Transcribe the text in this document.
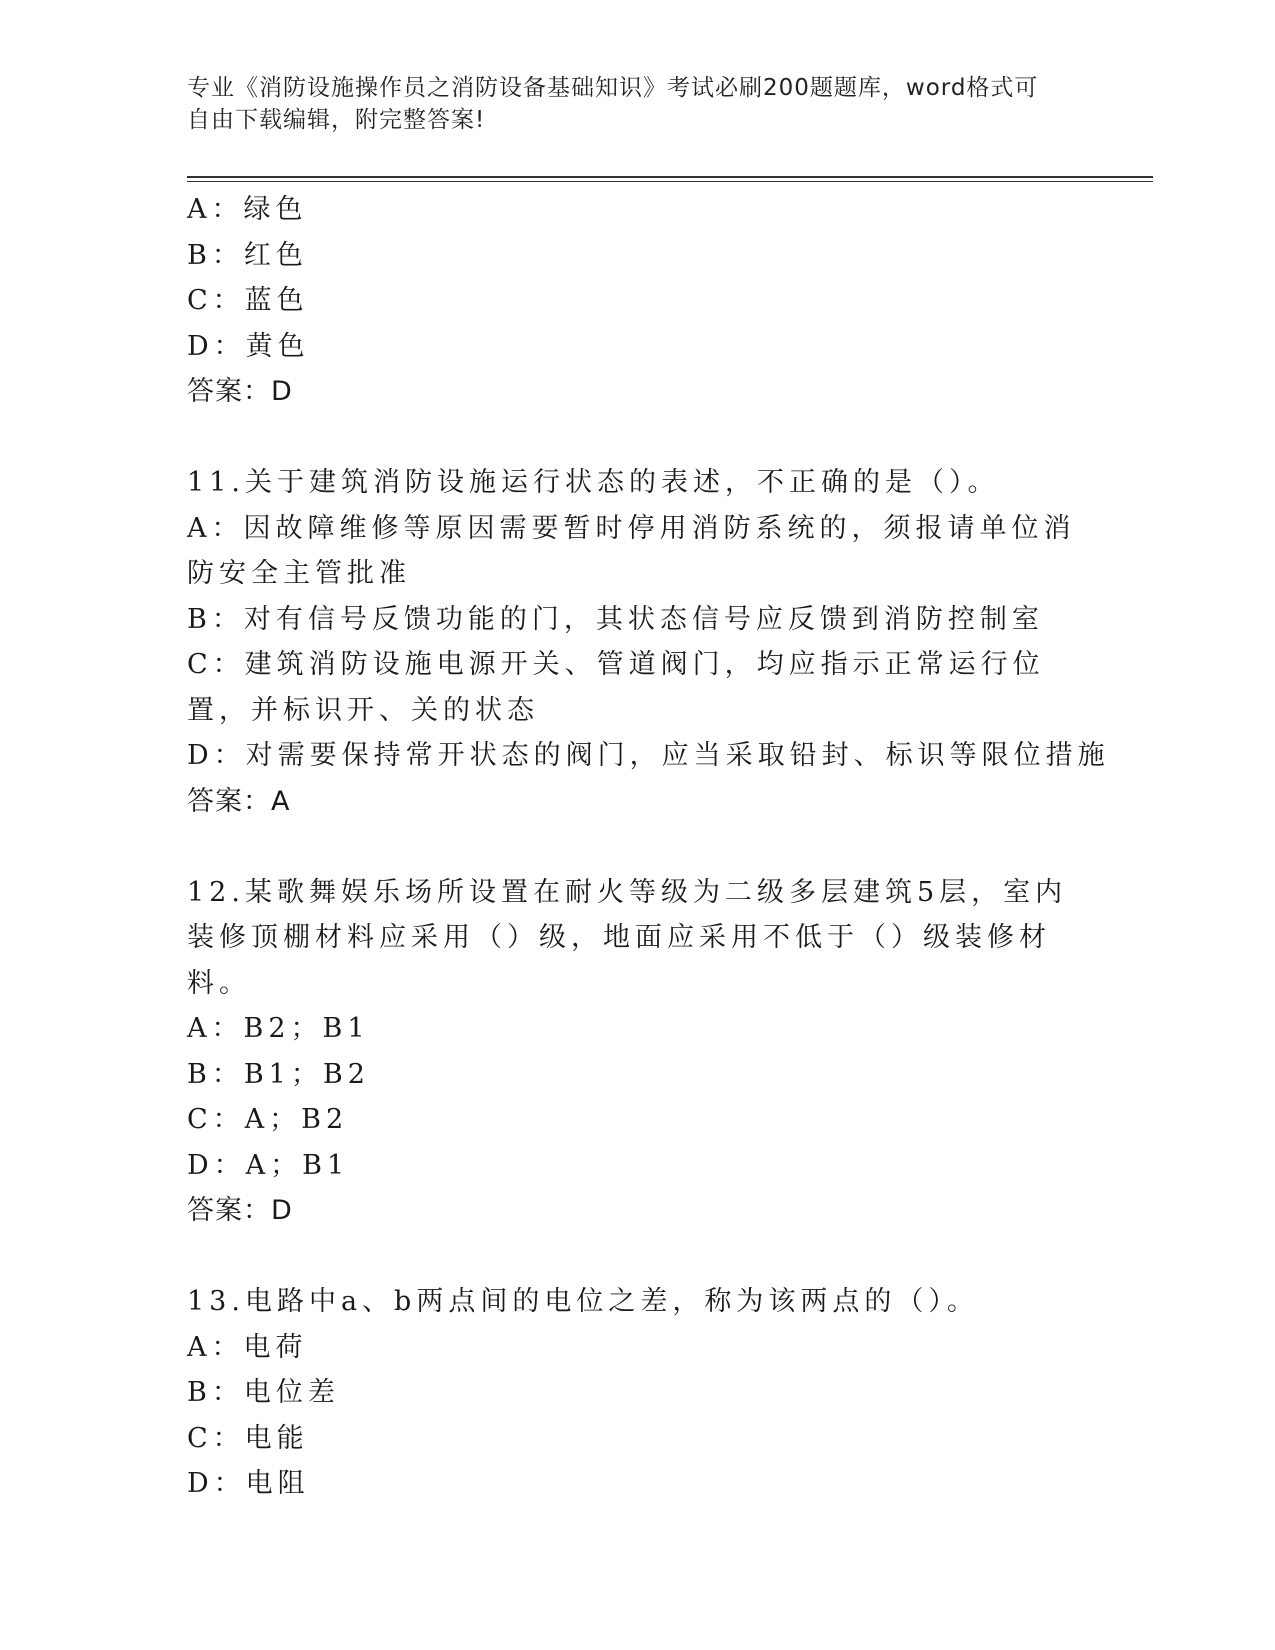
专业《消防设施操作员之消防设备基础知识》考试必刷200题题库，word格式可
自由下载编辑，附完整答案!
A：绿色
B：红色
C：蓝色
D：黄色
答案：D
11.关于建筑消防设施运行状态的表述，不正确的是（）。
A：因故障维修等原因需要暂时停用消防系统的，须报请单位消防安全主管批准
B：对有信号反馈功能的门，其状态信号应反馈到消防控制室
C：建筑消防设施电源开关、管道阀门，均应指示正常运行位置，并标识开、关的状态
D：对需要保持常开状态的阀门，应当采取铅封、标识等限位措施
答案：A
12.某歌舞娱乐场所设置在耐火等级为二级多层建筑5层，室内装修顶棚材料应采用（）级，地面应采用不低于（）级装修材料。
A：B2；B1
B：B1；B2
C：A；B2
D：A；B1
答案：D
13.电路中a、b两点间的电位之差，称为该两点的（）。
A：电荷
B：电位差
C：电能
D：电阻
